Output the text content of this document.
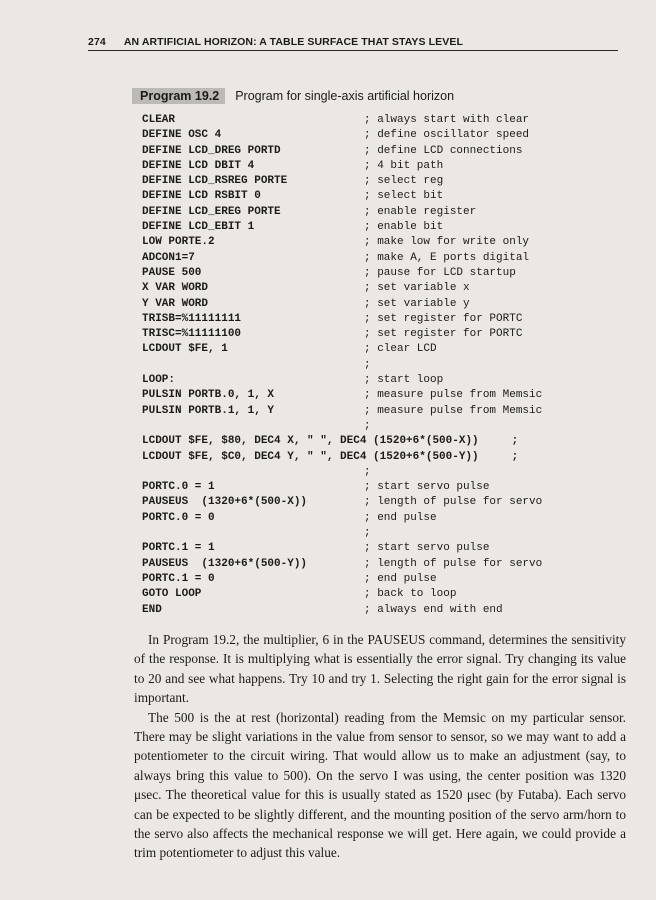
274 AN ARTIFICIAL HORIZON: A TABLE SURFACE THAT STAYS LEVEL
Program 19.2 Program for single-axis artificial horizon
CLEAR	; always start with clear
DEFINE OSC 4	; define oscillator speed
DEFINE LCD_DREG PORTD	; define LCD connections
DEFINE LCD DBIT 4	; 4 bit path
DEFINE LCD_RSREG PORTE	; select reg
DEFINE LCD RSBIT 0	; select bit
DEFINE LCD_EREG PORTE	; enable register
DEFINE LCD_EBIT 1	; enable bit
LOW PORTE.2	; make low for write only
ADCON1=7	; make A, E ports digital
PAUSE 500	; pause for LCD startup
X VAR WORD	; set variable x
Y VAR WORD	; set variable y
TRISB=%11111111	; set register for PORTC
TRISC=%11111100	; set register for PORTC
LCDOUT $FE, 1	; clear LCD
;
LOOP:	; start loop
PULSIN PORTB.0, 1, X	; measure pulse from Memsic
PULSIN PORTB.1, 1, Y	; measure pulse from Memsic
;
LCDOUT $FE, $80, DEC4 X, " ", DEC4 (1520+6*(500-X))     ;
LCDOUT $FE, $C0, DEC4 Y, " ", DEC4 (1520+6*(500-Y))     ;
;
PORTC.0 = 1	; start servo pulse
PAUSEUS  (1320+6*(500-X))	; length of pulse for servo
PORTC.0 = 0	; end pulse
;
PORTC.1 = 1	; start servo pulse
PAUSEUS  (1320+6*(500-Y))	; length of pulse for servo
PORTC.1 = 0	; end pulse
GOTO LOOP	; back to loop
END	; always end with end

In Program 19.2, the multiplier, 6 in the PAUSEUS command, determines the sensitivity of the response. It is multiplying what is essentially the error signal. Try changing its value to 20 and see what happens. Try 10 and try 1. Selecting the right gain for the error signal is important.

The 500 is the at rest (horizontal) reading from the Memsic on my particular sensor. There may be slight variations in the value from sensor to sensor, so we may want to add a potentiometer to the circuit wiring. That would allow us to make an adjustment (say, to always bring this value to 500). On the servo I was using, the center position was 1320 μsec. The theoretical value for this is usually stated as 1520 μsec (by Futaba). Each servo can be expected to be slightly different, and the mounting position of the servo arm/horn to the servo also affects the mechanical response we will get. Here again, we could provide a trim potentiometer to adjust this value.
